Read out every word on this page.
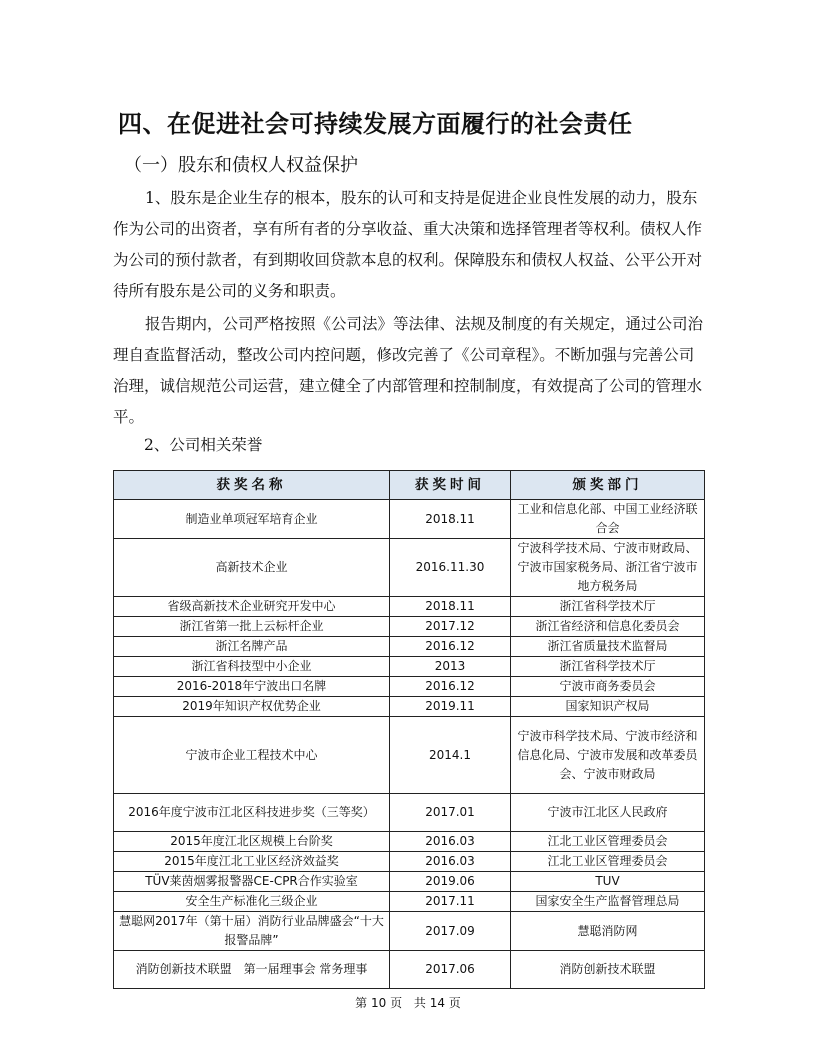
四、在促进社会可持续发展方面履行的社会责任
（一）股东和债权人权益保护

1、股东是企业生存的根本，股东的认可和支持是促进企业良性发展的动力，股东作为公司的出资者，享有所有者的分享收益、重大决策和选择管理者等权利。债权人作为公司的预付款者，有到期收回贷款本息的权利。保障股东和债权人权益、公平公开对待所有股东是公司的义务和职责。

报告期内，公司严格按照《公司法》等法律、法规及制度的有关规定，通过公司治理自查监督活动，整改公司内控问题，修改完善了《公司章程》。不断加强与完善公司治理，诚信规范公司运营，建立健全了内部管理和控制制度，有效提高了公司的管理水平。

2、公司相关荣誉
获奖名称	获奖时间	颁奖部门
制造业单项冠军培育企业	2018.11	工业和信息化部、中国工业经济联合会
高新技术企业	2016.11.30	宁波科学技术局、宁波市财政局、宁波市国家税务局、浙江省宁波市地方税务局
省级高新技术企业研究开发中心	2018.11	浙江省科学技术厅
浙江省第一批上云标杆企业	2017.12	浙江省经济和信息化委员会
浙江名牌产品	2016.12	浙江省质量技术监督局
浙江省科技型中小企业	2013	浙江省科学技术厅
2016-2018年宁波出口名牌	2016.12	宁波市商务委员会
2019年知识产权优势企业	2019.11	国家知识产权局
宁波市企业工程技术中心	2014.1	宁波市科学技术局、宁波市经济和信息化局、宁波市发展和改革委员会、宁波市财政局
2016年度宁波市江北区科技进步奖（三等奖）	2017.01	宁波市江北区人民政府
2015年度江北区规模上台阶奖	2016.03	江北工业区管理委员会
2015年度江北工业区经济效益奖	2016.03	江北工业区管理委员会
TÜV莱茵烟雾报警器CE-CPR合作实验室	2019.06	TUV
安全生产标准化三级企业	2017.11	国家安全生产监督管理总局
慧聪网2017年（第十届）消防行业品牌盛会“十大报警品牌”	2017.09	慧聪消防网
消防创新技术联盟　第一届理事会 常务理事	2017.06	消防创新技术联盟
第 10 页 共 14 页
